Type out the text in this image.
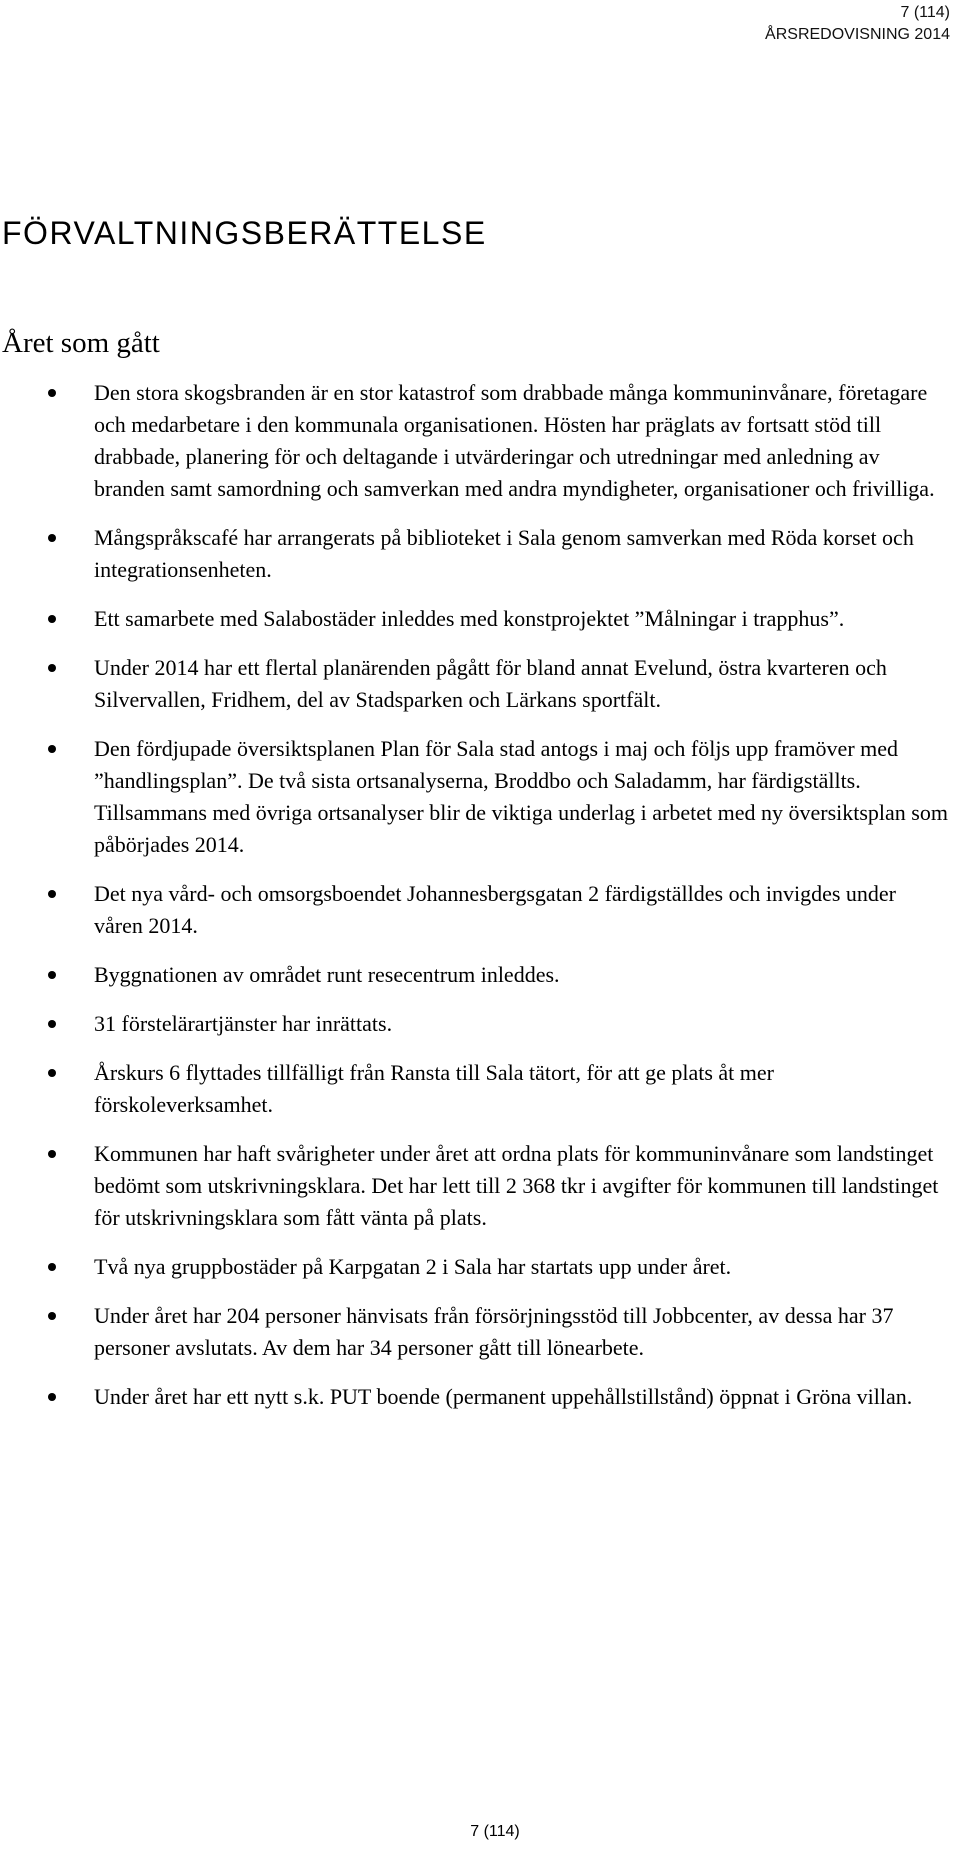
7 (114)
ÅRSREDOVISNING 2014
FÖRVALTNINGSBERÄTTELSE
Året som gått
Den stora skogsbranden är en stor katastrof som drabbade många kommuninvånare, företagare och medarbetare i den kommunala organisationen. Hösten har präglats av fortsatt stöd till drabbade, planering för och deltagande i utvärderingar och utredningar med anledning av branden samt samordning och samverkan med andra myndigheter, organisationer och frivilliga.
Mångspråkscafé har arrangerats på biblioteket i Sala genom samverkan med Röda korset och integrationsenheten.
Ett samarbete med Salabostäder inleddes med konstprojektet ”Målningar i trapphus”.
Under 2014 har ett flertal planärenden pågått för bland annat Evelund, östra kvarteren och Silvervallen, Fridhem, del av Stadsparken och Lärkans sportfält.
Den fördjupade översiktsplanen Plan för Sala stad antogs i maj och följs upp framöver med ”handlingsplan”. De två sista ortsanalyserna, Broddbo och Saladamm, har färdigställts. Tillsammans med övriga ortsanalyser blir de viktiga underlag i arbetet med ny översiktsplan som påbörjades 2014.
Det nya vård- och omsorgsboendet Johannesbergsgatan 2 färdigställdes och invigdes under våren 2014.
Byggnationen av området runt resecentrum inleddes.
31 förstelärartjänster har inrättats.
Årskurs 6 flyttades tillfälligt från Ransta till Sala tätort, för att ge plats åt mer förskoleverksamhet.
Kommunen har haft svårigheter under året att ordna plats för kommuninvånare som landstinget bedömt som utskrivningsklara. Det har lett till 2 368 tkr i avgifter för kommunen till landstinget för utskrivningsklara som fått vänta på plats.
Två nya gruppbostäder på Karpgatan 2 i Sala har startats upp under året.
Under året har 204 personer hänvisats från försörjningsstöd till Jobbcenter, av dessa har 37 personer avslutats. Av dem har 34 personer gått till lönearbete.
Under året har ett nytt s.k. PUT boende (permanent uppehållstillstånd) öppnat i Gröna villan.
7 (114)
